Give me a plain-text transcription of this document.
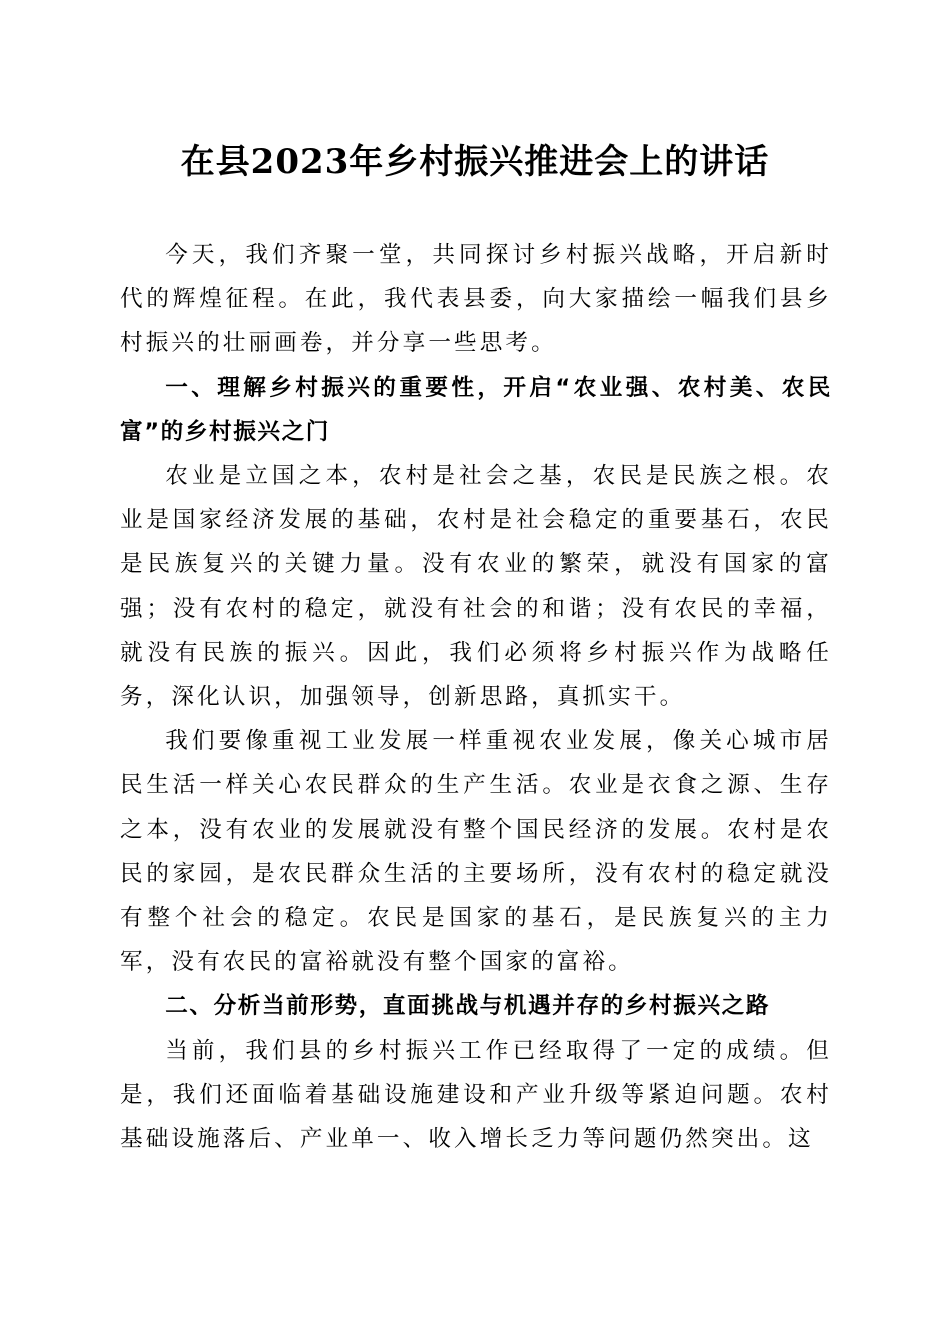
在县2023年乡村振兴推进会上的讲话

今天，我们齐聚一堂，共同探讨乡村振兴战略，开启新时代的辉煌征程。在此，我代表县委，向大家描绘一幅我们县乡村振兴的壮丽画卷，并分享一些思考。

一、理解乡村振兴的重要性，开启“农业强、农村美、农民富”的乡村振兴之门

农业是立国之本，农村是社会之基，农民是民族之根。农业是国家经济发展的基础，农村是社会稳定的重要基石，农民是民族复兴的关键力量。没有农业的繁荣，就没有国家的富强；没有农村的稳定，就没有社会的和谐；没有农民的幸福，就没有民族的振兴。因此，我们必须将乡村振兴作为战略任务，深化认识，加强领导，创新思路，真抓实干。

我们要像重视工业发展一样重视农业发展，像关心城市居民生活一样关心农民群众的生产生活。农业是衣食之源、生存之本，没有农业的发展就没有整个国民经济的发展。农村是农民的家园，是农民群众生活的主要场所，没有农村的稳定就没有整个社会的稳定。农民是国家的基石，是民族复兴的主力军，没有农民的富裕就没有整个国家的富裕。

二、分析当前形势，直面挑战与机遇并存的乡村振兴之路

当前，我们县的乡村振兴工作已经取得了一定的成绩。但是，我们还面临着基础设施建设和产业升级等紧迫问题。农村基础设施落后、产业单一、收入增长乏力等问题仍然突出。这
